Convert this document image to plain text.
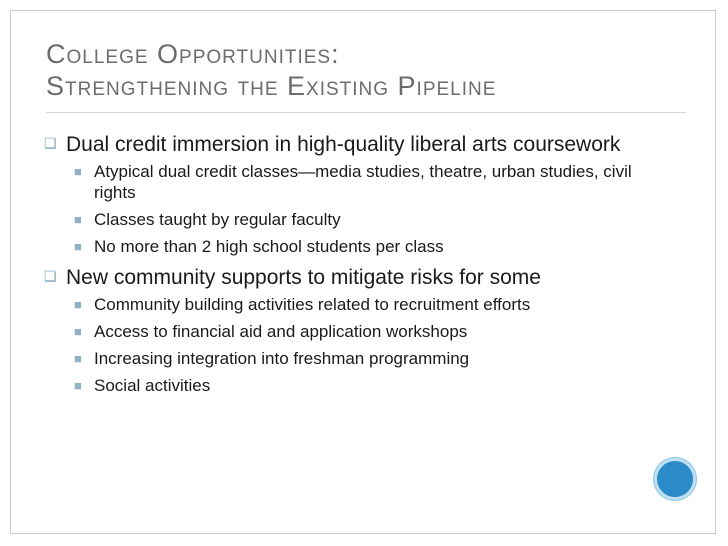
College Opportunities:
Strengthening the Existing Pipeline
❑ Dual credit immersion in high-quality liberal arts coursework
■ Atypical dual credit classes—media studies, theatre, urban studies, civil rights
■ Classes taught by regular faculty
■ No more than 2 high school students per class
❑ New community supports to mitigate risks for some
■ Community building activities related to recruitment efforts
■ Access to financial aid and application workshops
■ Increasing integration into freshman programming
■ Social activities
